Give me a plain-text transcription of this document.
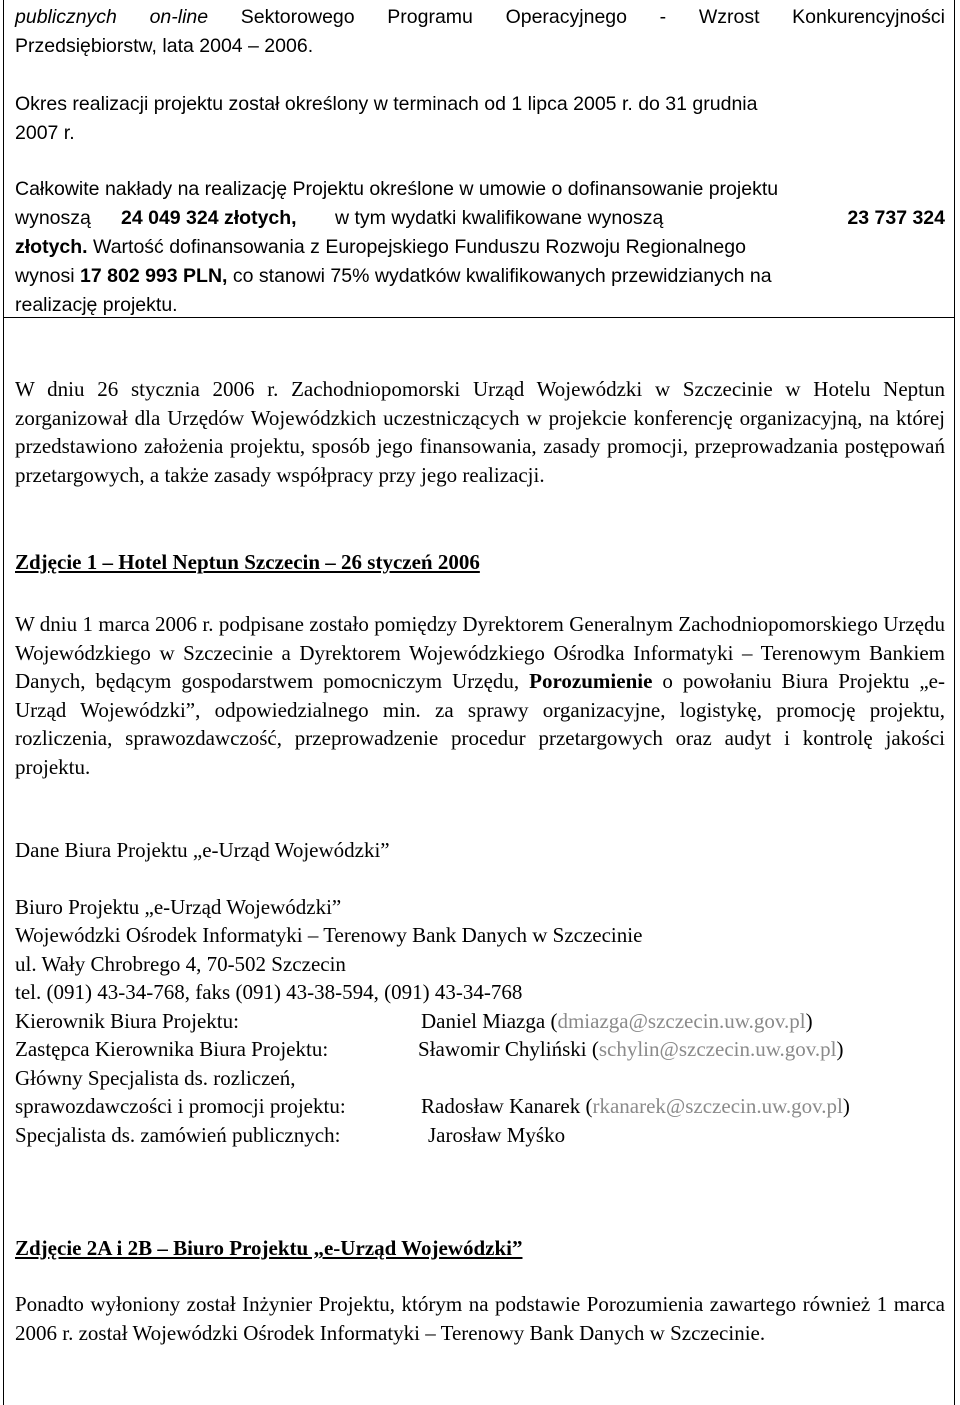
publicznych on-line Sektorowego Programu Operacyjnego - Wzrost Konkurencyjności
Przedsiębiorstw, lata 2004 – 2006.
Okres realizacji projektu został określony w terminach od 1 lipca 2005 r. do 31 grudnia
2007 r.
Całkowite nakłady na realizację Projektu określone w umowie o dofinansowanie projektu
wynoszą 24 049 324 złotych, w tym wydatki kwalifikowane wynoszą	23 737 324
złotych. Wartość dofinansowania z Europejskiego Funduszu Rozwoju Regionalnego
wynosi 17 802 993 PLN, co stanowi 75% wydatków kwalifikowanych przewidzianych na
realizację projektu.

W dniu 26 stycznia 2006 r. Zachodniopomorski Urząd Wojewódzki w Szczecinie w Hotelu Neptun zorganizował dla Urzędów Wojewódzkich uczestniczących w projekcie konferencję organizacyjną, na której przedstawiono założenia projektu, sposób jego finansowania, zasady promocji, przeprowadzania postępowań przetargowych, a także zasady współpracy przy jego realizacji.

Zdjęcie 1 – Hotel Neptun Szczecin – 26 styczeń 2006

W dniu 1 marca 2006 r. podpisane zostało pomiędzy Dyrektorem Generalnym Zachodniopomorskiego Urzędu Wojewódzkiego w Szczecinie a Dyrektorem Wojewódzkiego Ośrodka Informatyki – Terenowym Bankiem Danych, będącym gospodarstwem pomocniczym Urzędu, Porozumienie o powołaniu Biura Projektu „e-Urząd Wojewódzki”, odpowiedzialnego min. za sprawy organizacyjne, logistykę, promocję projektu, rozliczenia, sprawozdawczość, przeprowadzenie procedur przetargowych oraz audyt i kontrolę jakości projektu.

Dane Biura Projektu „e-Urząd Wojewódzki”
Biuro Projektu „e-Urząd Wojewódzki”
Wojewódzki Ośrodek Informatyki – Terenowy Bank Danych w Szczecinie
ul. Wały Chrobrego 4, 70-502 Szczecin
tel. (091) 43-34-768, faks (091) 43-38-594, (091) 43-34-768
Kierownik Biura Projektu:	Daniel Miazga (dmiazga@szczecin.uw.gov.pl)
Zastępca Kierownika Biura Projektu:	Sławomir Chyliński (schylin@szczecin.uw.gov.pl)
Główny Specjalista ds. rozliczeń,
sprawozdawczości i promocji projektu:	Radosław Kanarek (rkanarek@szczecin.uw.gov.pl)
Specjalista ds. zamówień publicznych:	Jarosław Myśko
Zdjęcie 2A i 2B – Biuro Projektu „e-Urząd Wojewódzki”

Ponadto wyłoniony został Inżynier Projektu, którym na podstawie Porozumienia zawartego również 1 marca 2006 r. został Wojewódzki Ośrodek Informatyki – Terenowy Bank Danych w Szczecinie.
